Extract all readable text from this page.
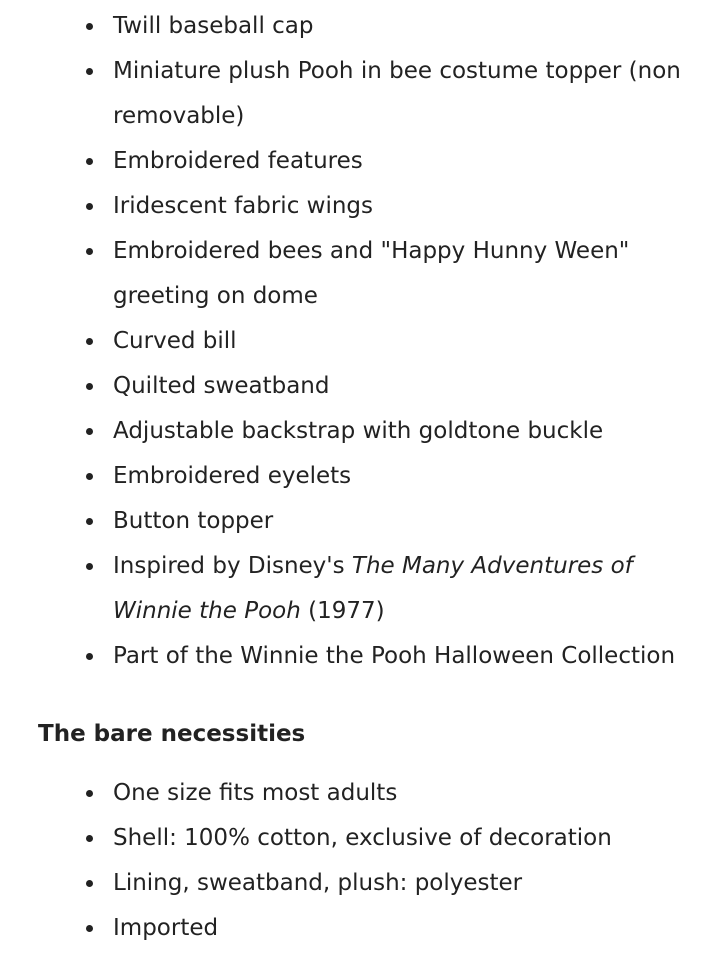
Twill baseball cap
Miniature plush Pooh in bee costume topper (non removable)
Embroidered features
Iridescent fabric wings
Embroidered bees and "Happy Hunny Ween" greeting on dome
Curved bill
Quilted sweatband
Adjustable backstrap with goldtone buckle
Embroidered eyelets
Button topper
Inspired by Disney's The Many Adventures of Winnie the Pooh (1977)
Part of the Winnie the Pooh Halloween Collection
The bare necessities
One size fits most adults
Shell: 100% cotton, exclusive of decoration
Lining, sweatband, plush: polyester
Imported
